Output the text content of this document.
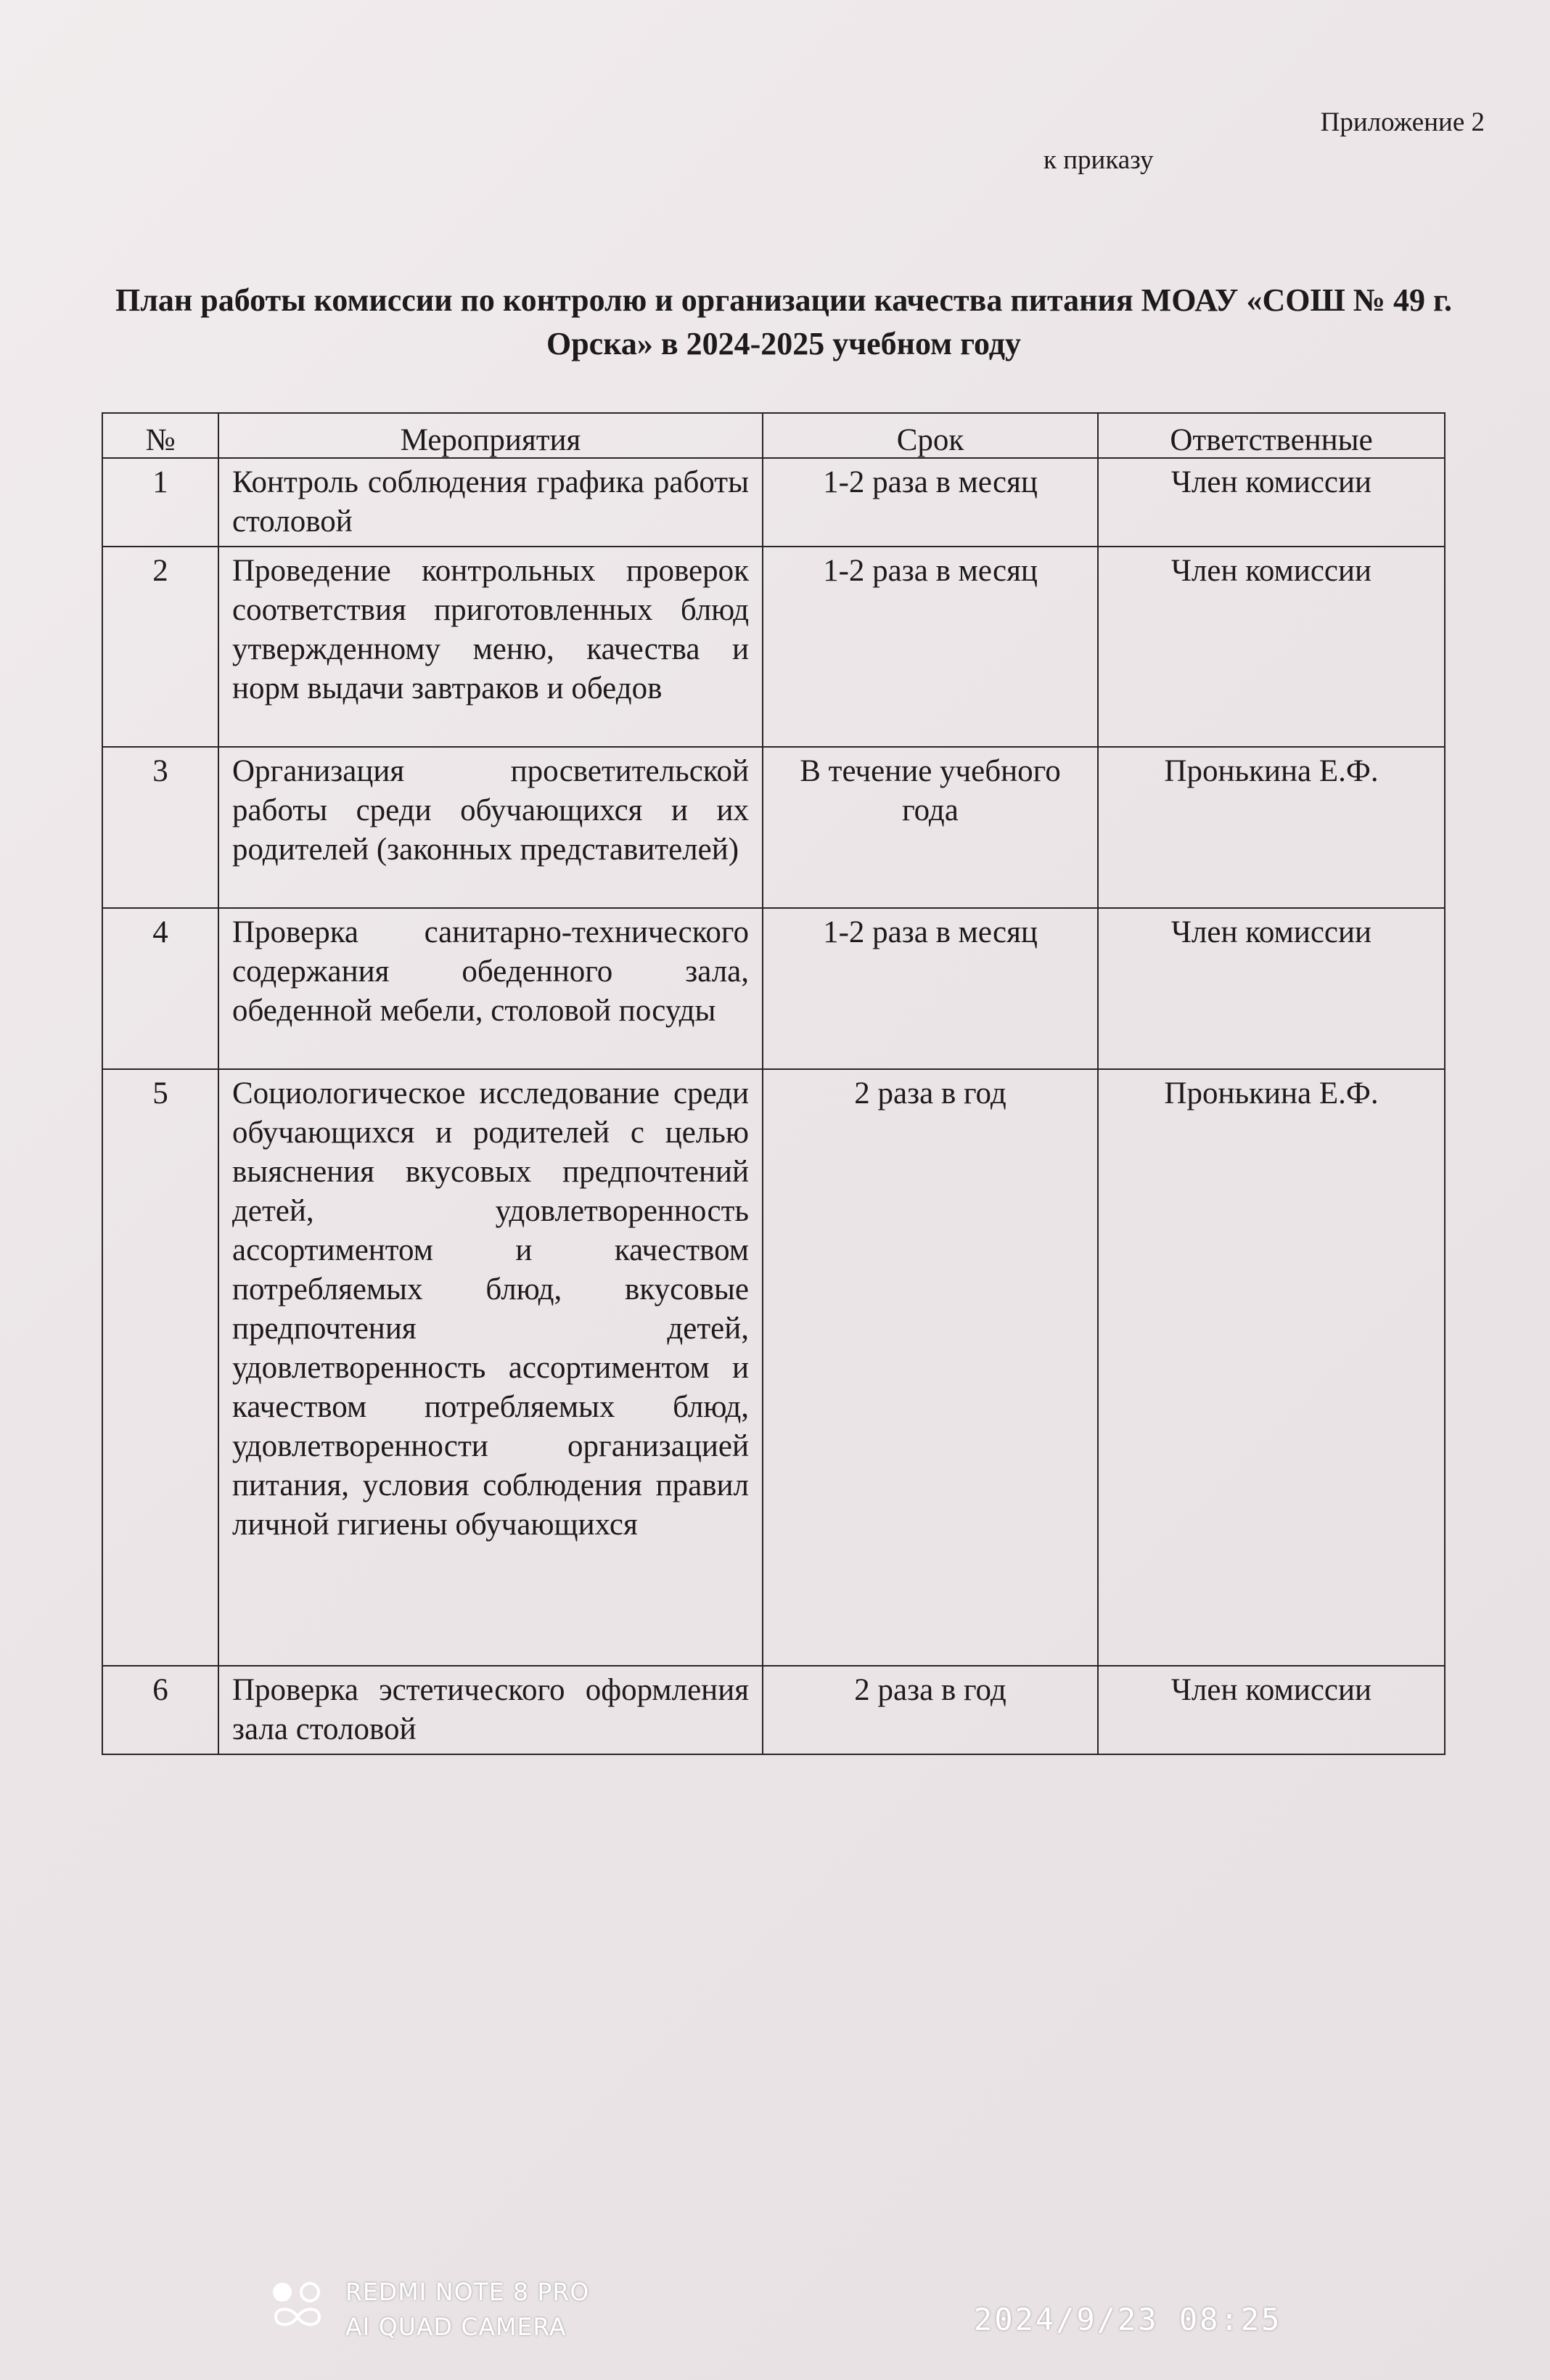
Приложение 2
к приказу
План работы комиссии по контролю и организации качества питания МОАУ «СОШ № 49 г. Орска» в 2024-2025 учебном году
№	Мероприятия	Срок	Ответственные
1	Контроль соблюдения графика работы столовой	1-2 раза в месяц	Член комиссии
2	Проведение контрольных проверок соответствия приготовленных блюд утвержденному меню, качества и норм выдачи завтраков и обедов	1-2 раза в месяц	Член комиссии
3	Организация просветительской работы среди обучающихся и их родителей (законных представителей)	В течение учебного года	Пронькина Е.Ф.
4	Проверка санитарно-технического содержания обеденного зала, обеденной мебели, столовой посуды	1-2 раза в месяц	Член комиссии
5	Социологическое исследование среди обучающихся и родителей с целью выяснения вкусовых предпочтений детей, удовлетворенность ассортиментом и качеством потребляемых блюд, вкусовые предпочтения детей, удовлетворенность ассортиментом и качеством потребляемых блюд, удовлетворенности организацией питания, условия соблюдения правил личной гигиены обучающихся	2 раза в год	Пронькина Е.Ф.
6	Проверка эстетического оформления зала столовой	2 раза в год	Член комиссии
REDMI NOTE 8 PRO
AI QUAD CAMERA	2024/9/23 08:25
